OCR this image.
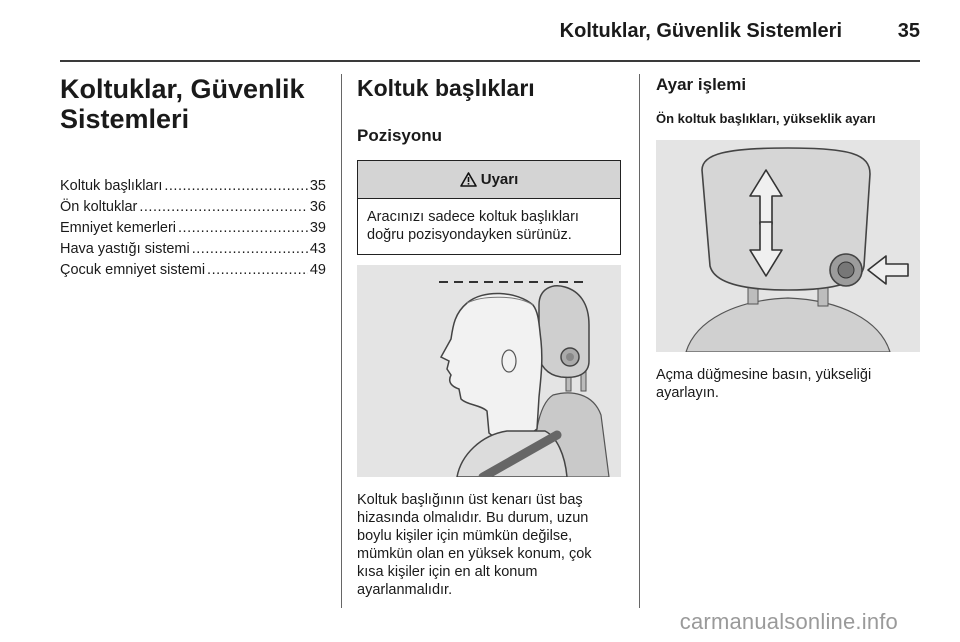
Koltuklar, Güvenlik Sistemleri	35
Koltuklar, Güvenlik Sistemleri
Koltuk başlıkları .....	35
Ön koltuklar .....	36
Emniyet kemerleri .....	39
Hava yastığı sistemi .....	43
Çocuk emniyet sistemi .....	49
Koltuk başlıkları
Pozisyonu
Uyarı
Aracınızı sadece koltuk başlıkları doğru pozisyondayken sürünüz.
Koltuk başlığının üst kenarı üst baş hizasında olmalıdır. Bu durum, uzun boylu kişiler için mümkün değilse, mümkün olan en yüksek konum, çok kısa kişiler için en alt konum ayarlanmalıdır.
Ayar işlemi
Ön koltuk başlıkları, yükseklik ayarı
Açma düğmesine basın, yükseliği ayarlayın.
carmanualsonline.info
